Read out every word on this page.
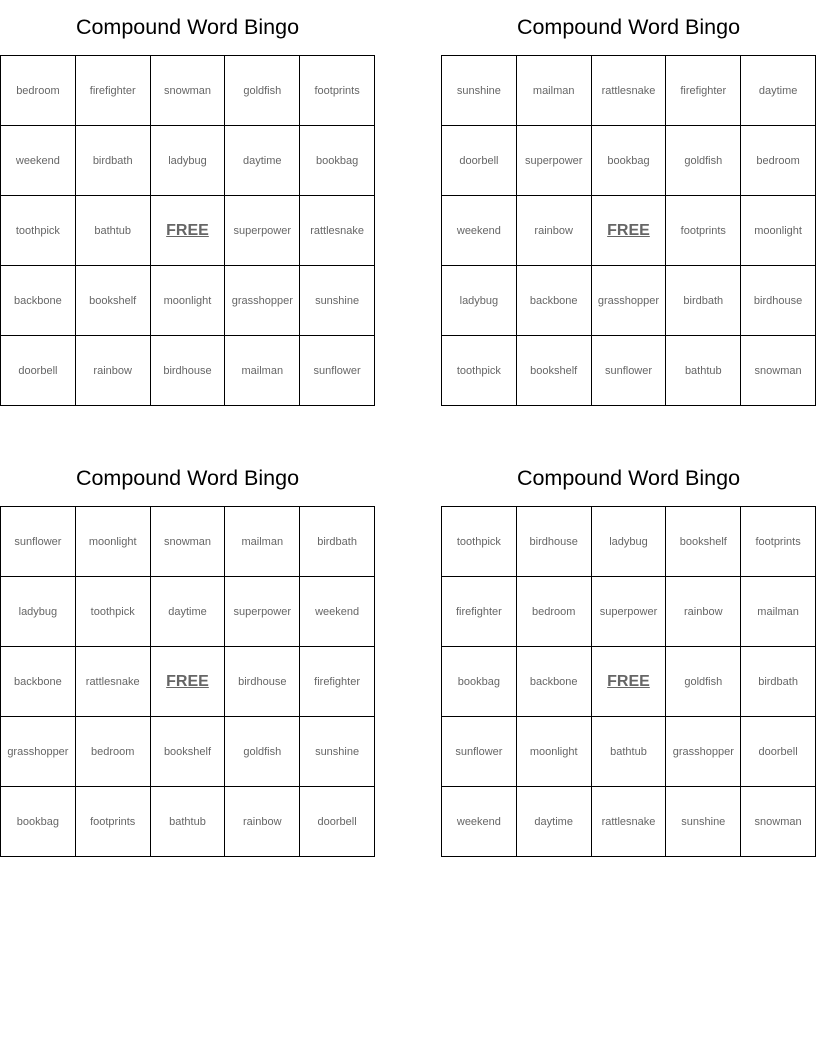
Compound Word Bingo
bedroom	firefighter	snowman	goldfish	footprints
weekend	birdbath	ladybug	daytime	bookbag
toothpick	bathtub	FREE	superpower	rattlesnake
backbone	bookshelf	moonlight	grasshopper	sunshine
doorbell	rainbow	birdhouse	mailman	sunflower
Compound Word Bingo
sunshine	mailman	rattlesnake	firefighter	daytime
doorbell	superpower	bookbag	goldfish	bedroom
weekend	rainbow	FREE	footprints	moonlight
ladybug	backbone	grasshopper	birdbath	birdhouse
toothpick	bookshelf	sunflower	bathtub	snowman
Compound Word Bingo
sunflower	moonlight	snowman	mailman	birdbath
ladybug	toothpick	daytime	superpower	weekend
backbone	rattlesnake	FREE	birdhouse	firefighter
grasshopper	bedroom	bookshelf	goldfish	sunshine
bookbag	footprints	bathtub	rainbow	doorbell
Compound Word Bingo
toothpick	birdhouse	ladybug	bookshelf	footprints
firefighter	bedroom	superpower	rainbow	mailman
bookbag	backbone	FREE	goldfish	birdbath
sunflower	moonlight	bathtub	grasshopper	doorbell
weekend	daytime	rattlesnake	sunshine	snowman
